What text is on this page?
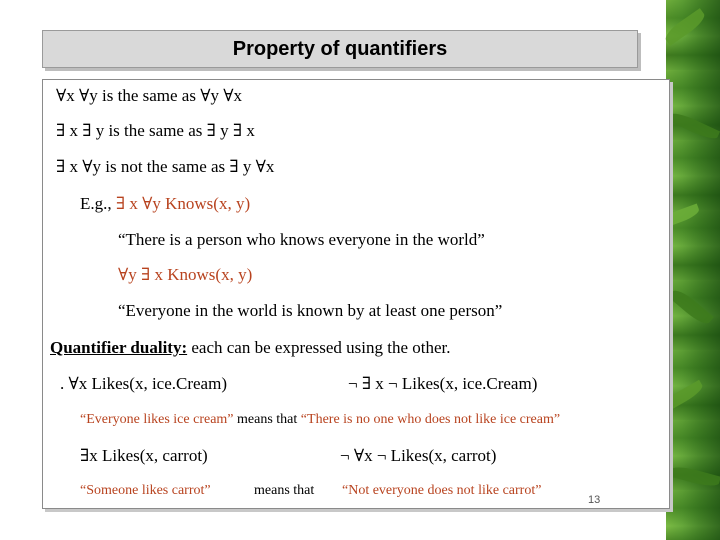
Property of quantifiers
∀x ∀y is the same as ∀y ∀x
∃ x ∃ y is the same as ∃ y ∃ x
∃ x ∀y is not the same as ∃ y ∀x
E.g., ∃ x ∀y Knows(x, y)
“There is a person who knows everyone in the world”
∀y ∃ x Knows(x, y)
“Everyone in the world is known by at least one person”
Quantifier duality: each can be expressed using the other.
. ∀x Likes(x, ice.Cream)	¬ ∃ x ¬ Likes(x, ice.Cream)
“Everyone likes ice cream” means that “There is no one who does not like ice cream”
∃x Likes(x, carrot)	¬ ∀x ¬ Likes(x, carrot)
“Someone likes carrot”	means that “Not everyone does not like carrot”
13
